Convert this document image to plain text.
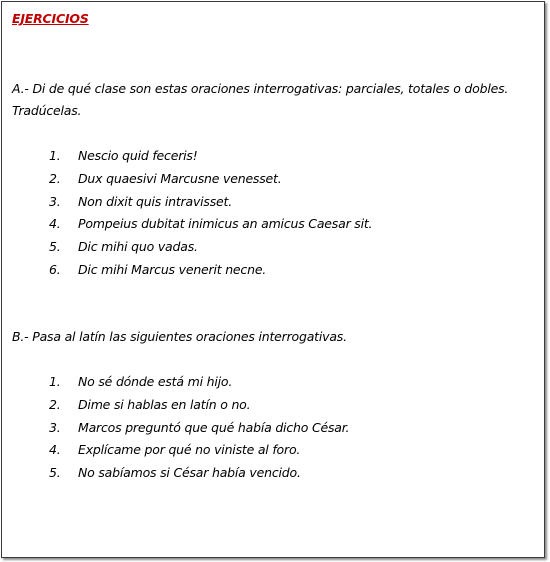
EJERCICIOS

A.- Di de qué clase son estas oraciones interrogativas: parciales, totales o dobles. Tradúcelas.

1. Nescio quid feceris!
2. Dux quaesivi Marcusne venesset.
3. Non dixit quis intravisset.
4. Pompeius dubitat inimicus an amicus Caesar sit.
5. Dic mihi quo vadas.
6. Dic mihi Marcus venerit necne.

B.- Pasa al latín las siguientes oraciones interrogativas.

1. No sé dónde está mi hijo.
2. Dime si hablas en latín o no.
3. Marcos preguntó que qué había dicho César.
4. Explícame por qué no viniste al foro.
5. No sabíamos si César había vencido.
